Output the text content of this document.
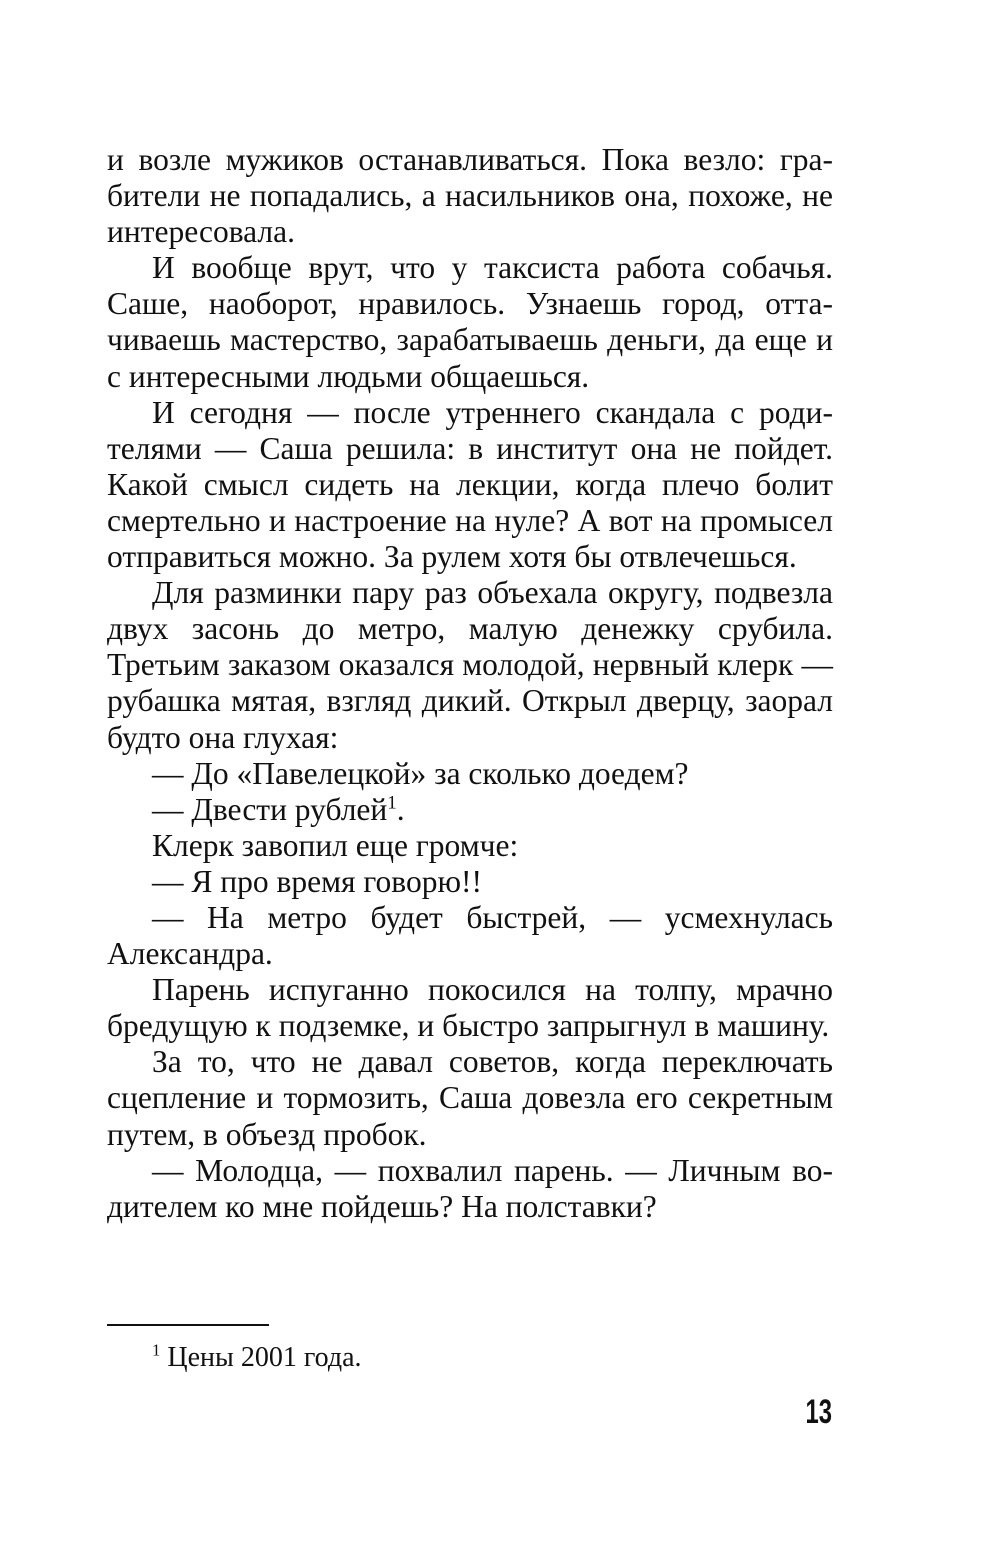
и возле мужиков останавливаться. Пока везло: грабители не попадались, а насильников она, похоже, не интересовала.

И вообще врут, что у таксиста работа собачья. Саше, наоборот, нравилось. Узнаешь город, оттачиваешь мастерство, зарабатываешь деньги, да еще и с интересными людьми общаешься.

И сегодня — после утреннего скандала с родителями — Саша решила: в институт она не пойдет. Какой смысл сидеть на лекции, когда плечо болит смертельно и настроение на нуле? А вот на промысел отправиться можно. За рулем хотя бы отвлечешься.

Для разминки пару раз объехала округу, подвезла двух засонь до метро, малую денежку срубила. Третьим заказом оказался молодой, нервный клерк — рубашка мятая, взгляд дикий. Открыл дверцу, заорал будто она глухая:

— До «Павелецкой» за сколько доедем?

— Двести рублей$^1$.

Клерк завопил еще громче:

— Я про время говорю!!

— На метро будет быстрей, — усмехнулась Александра.

Парень испуганно покосился на толпу, мрачно бредущую к подземке, и быстро запрыгнул в машину.

За то, что не давал советов, когда переключать сцепление и тормозить, Саша довезла его секретным путем, в объезд пробок.

— Молодца, — похвалил парень. — Личным водителем ко мне пойдешь? На полставки?

$^1$ Цены 2001 года.
13
